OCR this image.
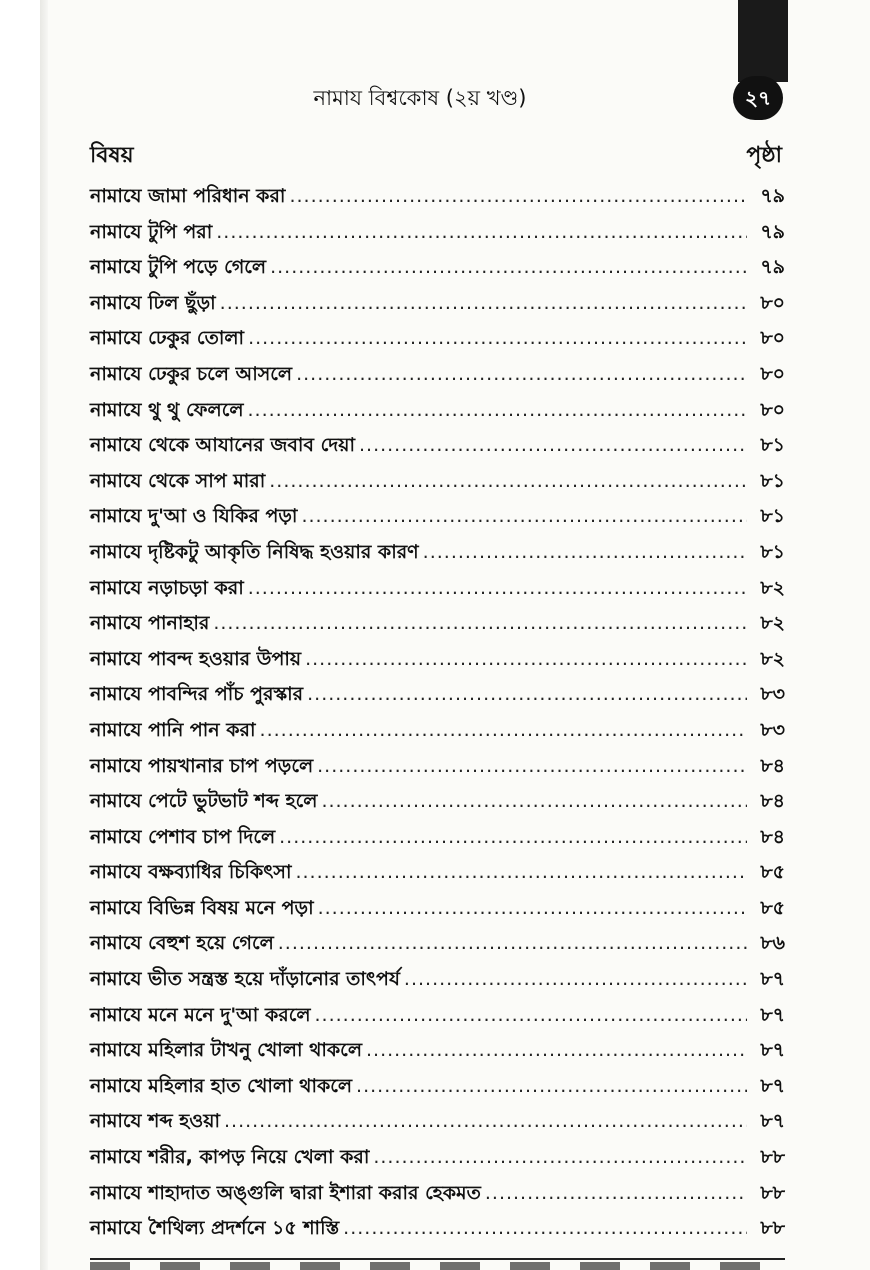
২৭
নামায বিশ্বকোষ (২য় খণ্ড)
বিষয়	পৃষ্ঠা
নামাযে জামা পরিধান করা .....	৭৯
নামাযে টুপি পরা .....	৭৯
নামাযে টুপি পড়ে গেলে .....	৭৯
নামাযে ঢিল ছুঁড়া .....	৮০
নামাযে ঢেকুর তোলা .....	৮০
নামাযে ঢেকুর চলে আসলে .....	৮০
নামাযে থু থু ফেললে .....	৮০
নামাযে থেকে আযানের জবাব দেয়া .....	৮১
নামাযে থেকে সাপ মারা .....	৮১
নামাযে দু'আ ও যিকির পড়া .....	৮১
নামাযে দৃষ্টিকটু আকৃতি নিষিদ্ধ হওয়ার কারণ .....	৮১
নামাযে নড়াচড়া করা .....	৮২
নামাযে পানাহার .....	৮২
নামাযে পাবন্দ হওয়ার উপায় .....	৮২
নামাযে পাবন্দির পাঁচ পুরস্কার .....	৮৩
নামাযে পানি পান করা .....	৮৩
নামাযে পায়খানার চাপ পড়লে .....	৮৪
নামাযে পেটে ভুটভাট শব্দ হলে .....	৮৪
নামাযে পেশাব চাপ দিলে .....	৮৪
নামাযে বক্ষব্যাধির চিকিৎসা .....	৮৫
নামাযে বিভিন্ন বিষয় মনে পড়া .....	৮৫
নামাযে বেহুশ হয়ে গেলে .....	৮৬
নামাযে ভীত সন্ত্রস্ত হয়ে দাঁড়ানোর তাৎপর্য .....	৮৭
নামাযে মনে মনে দু'আ করলে .....	৮৭
নামাযে মহিলার টাখনু খোলা থাকলে .....	৮৭
নামাযে মহিলার হাত খোলা থাকলে .....	৮৭
নামাযে শব্দ হওয়া .....	৮৭
নামাযে শরীর, কাপড় নিয়ে খেলা করা .....	৮৮
নামাযে শাহাদাত অঙ্গুলি দ্বারা ইশারা করার হেকমত .....	৮৮
নামাযে শৈথিল্য প্রদর্শনে ১৫ শাস্তি .....	৮৮
